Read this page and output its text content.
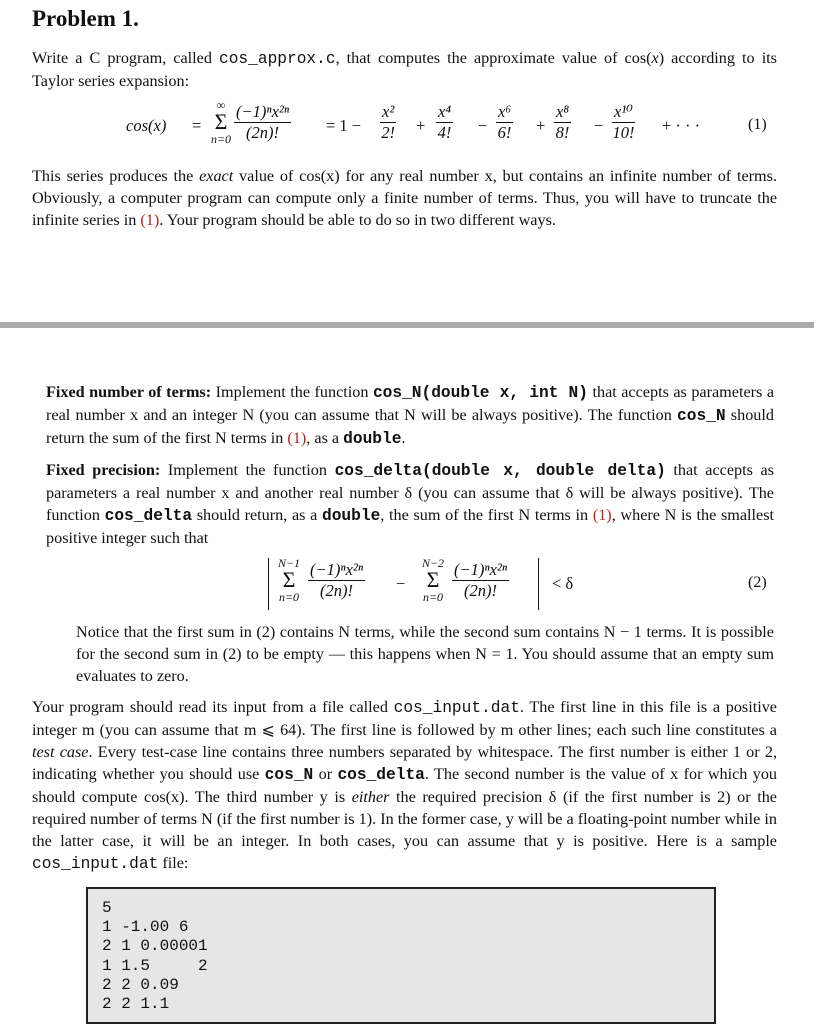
Problem 1.
Write a C program, called cos_approx.c, that computes the approximate value of cos(x) according to its Taylor series expansion:
cos(x) =
∞
Σ
$n=0 \frac{\text{(−1)ⁿx²ⁿ}}{(2n)!} = 1 - \frac{\text{x²}}{2!} + \frac{\text{x⁴}}{4!} - \frac{\text{x⁶}}{6!} + \frac{\text{x⁸}}{8!} - \frac{\text{x¹⁰}}{10!}$ + · · ·	(1)
This series produces the exact value of cos(x) for any real number x, but contains an infinite number of terms. Obviously, a computer program can compute only a finite number of terms. Thus, you will have to truncate the infinite series in (1). Your program should be able to do so in two different ways.
Fixed number of terms: Implement the function cos_N(double x, int N) that accepts as parameters a real number x and an integer N (you can assume that N will be always positive). The function cos_N should return the sum of the first N terms in (1), as a double.
Fixed precision: Implement the function cos_delta(double x, double delta) that accepts as parameters a real number x and another real number δ (you can assume that δ will be always positive). The function cos_delta should return, as a double, the sum of the first N terms in (1), where N is the smallest positive integer such that
N−1
Σ
$n=0 \frac{\text{(−1)ⁿx²ⁿ}}{(2n)!}$ −
N−2
Σ
$n=0 \frac{\text{(−1)ⁿx²ⁿ}}{(2n)!}$	< δ	(2)
Notice that the first sum in (2) contains N terms, while the second sum contains N − 1 terms. It is possible for the second sum in (2) to be empty — this happens when N = 1. You should assume that an empty sum evaluates to zero.
Your program should read its input from a file called cos_input.dat. The first line in this file is a positive integer m (you can assume that m ⩽ 64). The first line is followed by m other lines; each such line constitutes a test case. Every test-case line contains three numbers separated by whitespace. The first number is either 1 or 2, indicating whether you should use cos_N or cos_delta. The second number is the value of x for which you should compute cos(x). The third number y is either the required precision δ (if the first number is 2) or the required number of terms N (if the first number is 1). In the former case, y will be a floating-point number while in the latter case, it will be an integer. In both cases, you can assume that y is positive. Here is a sample cos_input.dat file:
5
1 -1.00 6
2 1 0.00001
1 1.5     2
2 2 0.09
2 2 1.1
